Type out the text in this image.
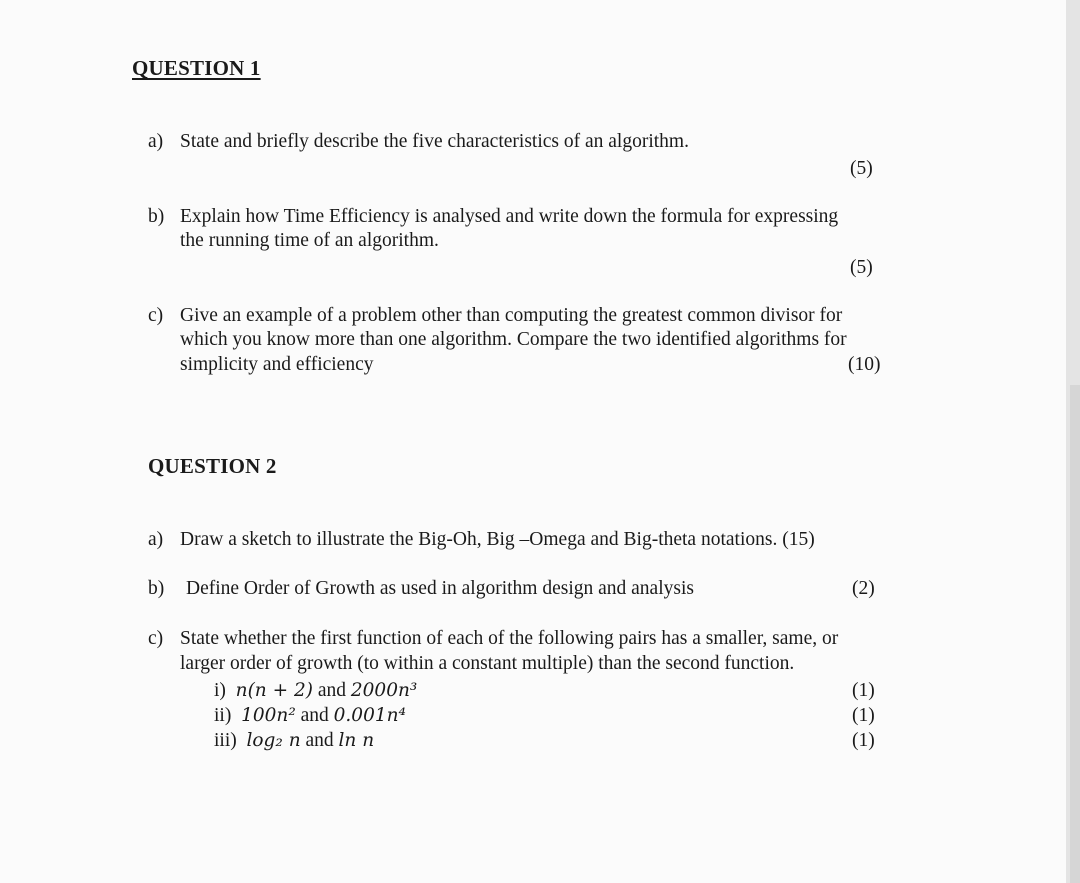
QUESTION 1
a) State and briefly describe the five characteristics of an algorithm.
(5)
b) Explain how Time Efficiency is analysed and write down the formula for expressing
the running time of an algorithm.
(5)
c) Give an example of a problem other than computing the greatest common divisor for
which you know more than one algorithm. Compare the two identified algorithms for
simplicity and efficiency	(10)
QUESTION 2
a) Draw a sketch to illustrate the Big-Oh, Big –Omega and Big-theta notations. (15)
b) Define Order of Growth as used in algorithm design and analysis	(2)
c) State whether the first function of each of the following pairs has a smaller, same, or
larger order of growth (to within a constant multiple) than the second function.
i) n(n + 2) and 2000n³	(1)
ii) 100n² and 0.001n⁴	(1)
iii) log₂ n and ln n	(1)
